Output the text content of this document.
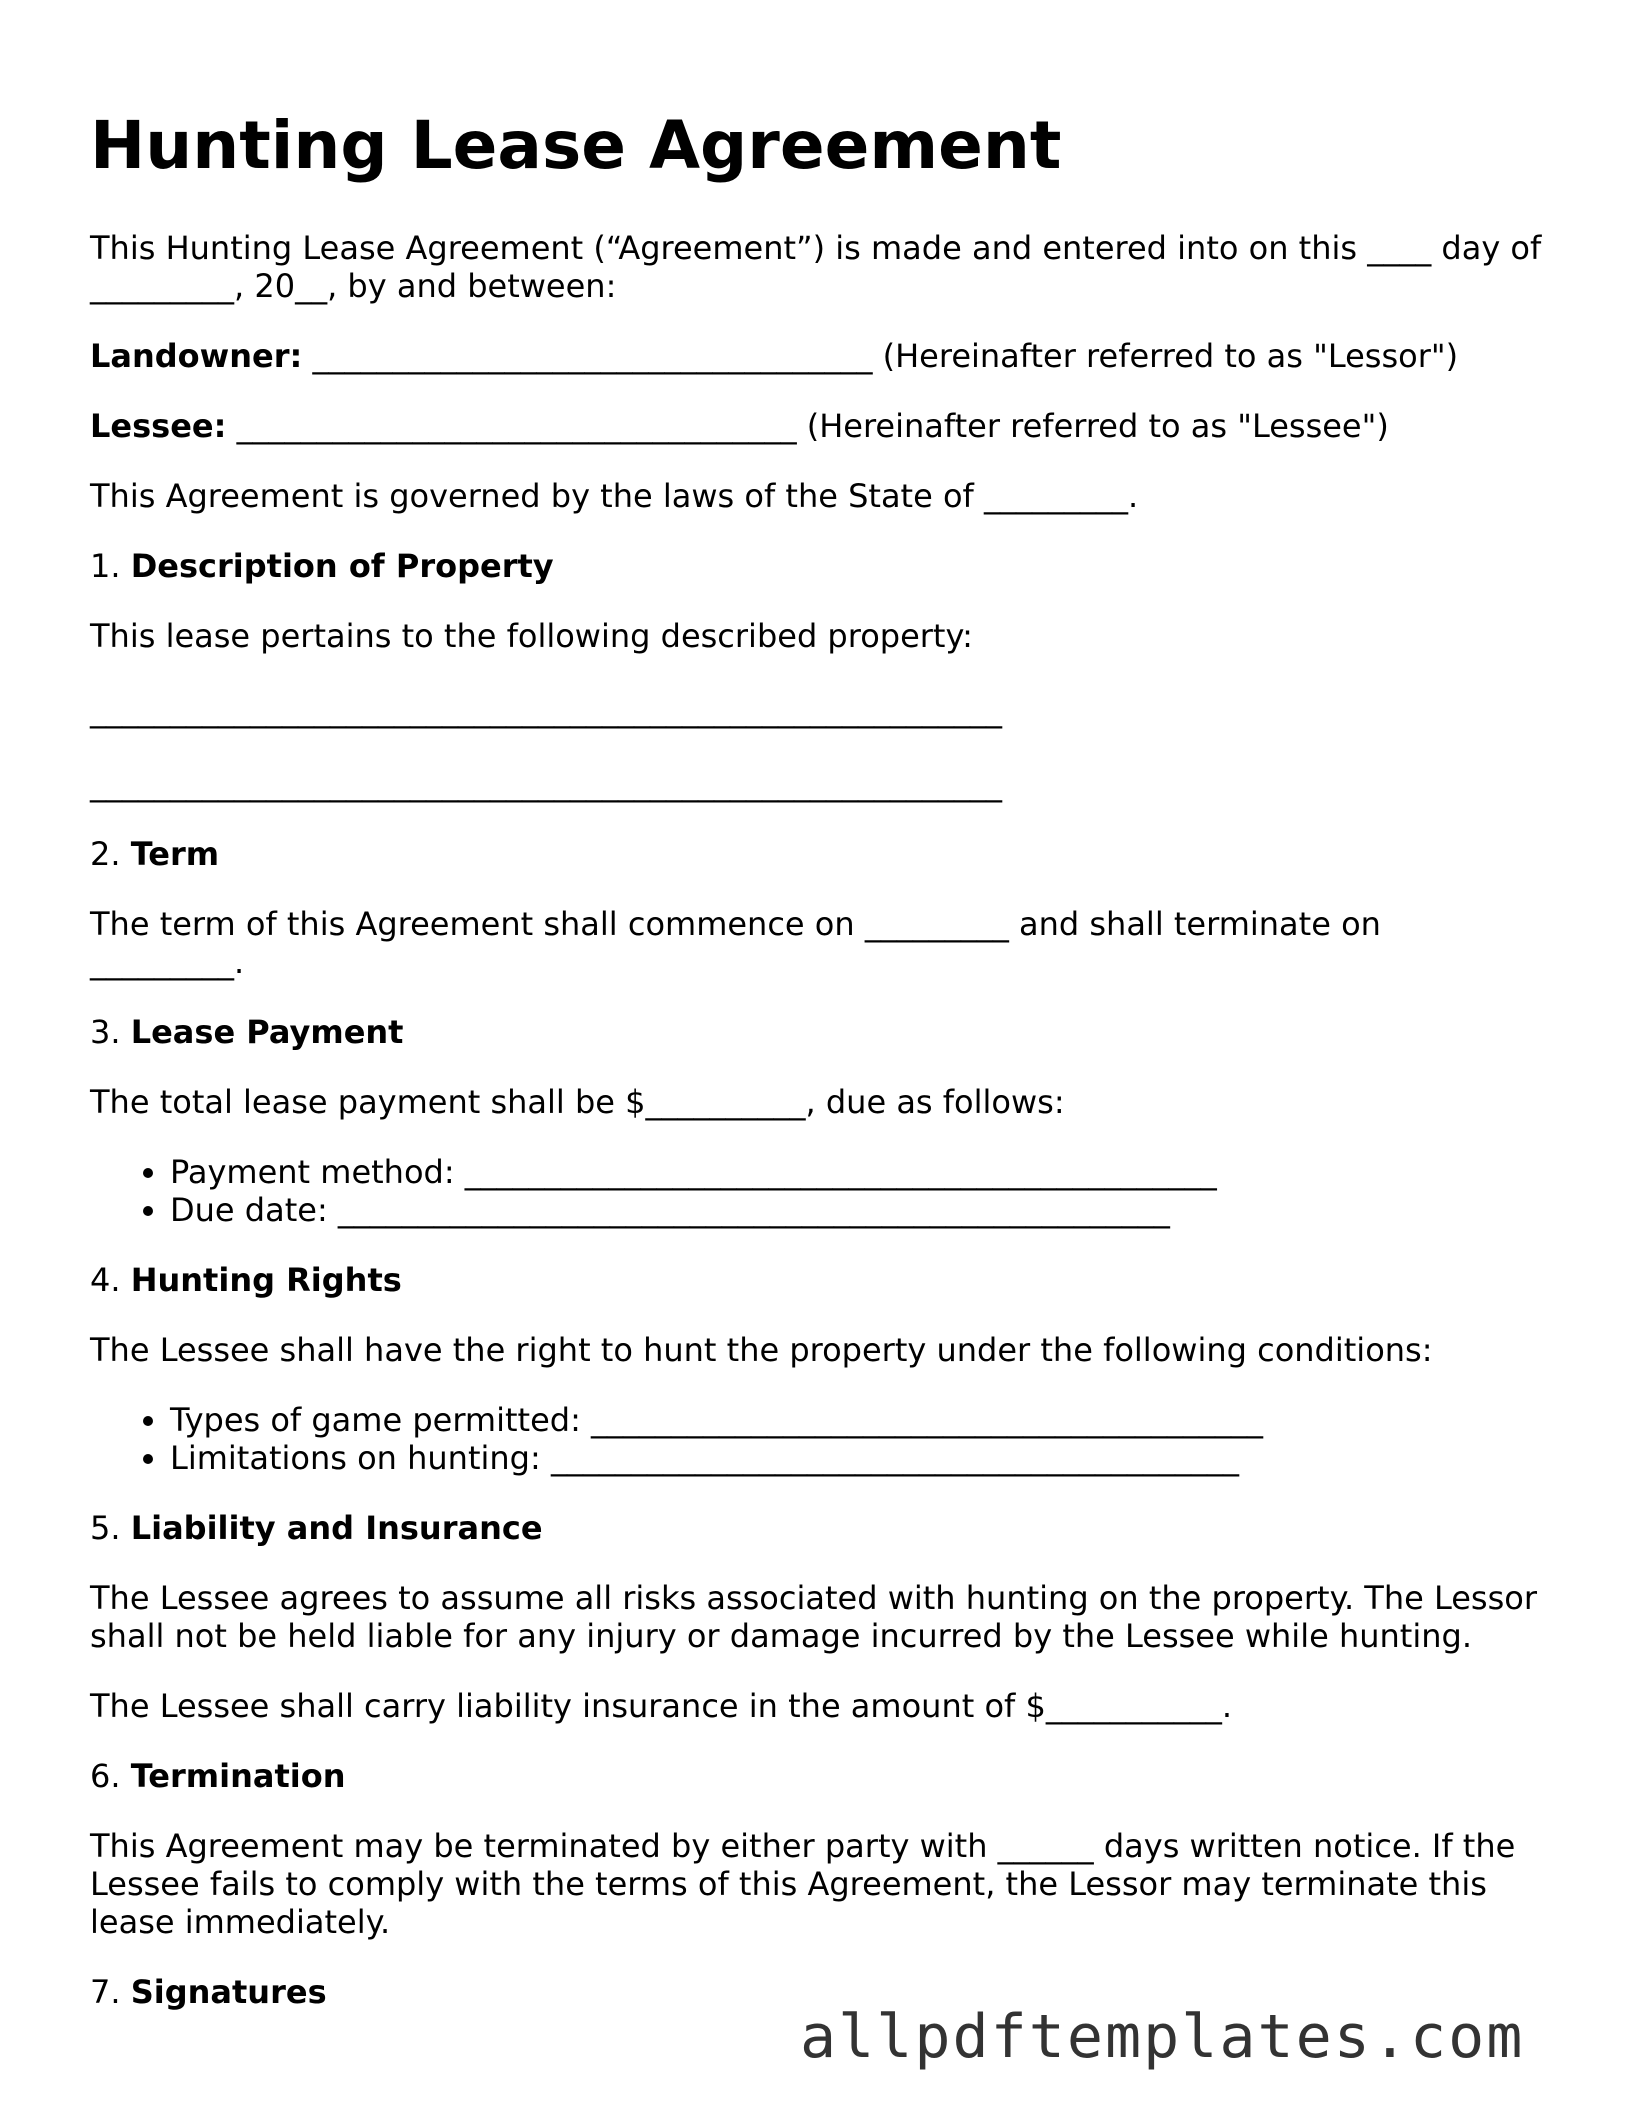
Hunting Lease Agreement

This Hunting Lease Agreement (“Agreement”) is made and entered into on this ____ day of _________, 20__, by and between:

Landowner: ___________________________________ (Hereinafter referred to as "Lessor")

Lessee: ___________________________________ (Hereinafter referred to as "Lessee")

This Agreement is governed by the laws of the State of _________.

1. Description of Property

This lease pertains to the following described property:

_________________________________________________________
_________________________________________________________
2. Term

The term of this Agreement shall commence on _________ and shall terminate on _________.

3. Lease Payment

The total lease payment shall be $__________, due as follows:

• Payment method: _______________________________________________
• Due date: ____________________________________________________
4. Hunting Rights

The Lessee shall have the right to hunt the property under the following conditions:

• Types of game permitted: __________________________________________
• Limitations on hunting: ___________________________________________
5. Liability and Insurance

The Lessee agrees to assume all risks associated with hunting on the property. The Lessor shall not be held liable for any injury or damage incurred by the Lessee while hunting.

The Lessee shall carry liability insurance in the amount of $___________.

6. Termination

This Agreement may be terminated by either party with ______ days written notice. If the Lessee fails to comply with the terms of this Agreement, the Lessor may terminate this lease immediately.

7. Signatures
allpdftemplates.com
